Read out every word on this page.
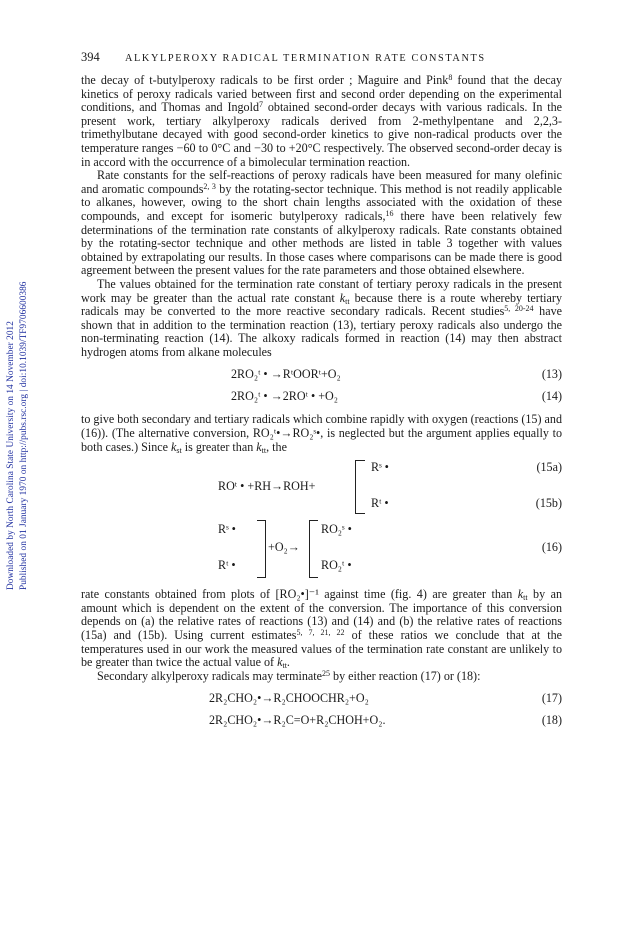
Downloaded by North Carolina State University on 14 November 2012 Published on 01 January 1970 on http://pubs.rsc.org | doi:10.1039/TF9706600386
394	ALKYLPEROXY RADICAL TERMINATION RATE CONSTANTS

the decay of t-butylperoxy radicals to be first order ; Maguire and Pink$^8$ found that the decay kinetics of peroxy radicals varied between first and second order depending on the experimental conditions, and Thomas and Ingold$^7$ obtained second-order decays with various radicals. In the present work, tertiary alkylperoxy radicals derived from 2-methylpentane and 2,2,3-trimethylbutane decayed with good second-order kinetics to give non-radical products over the temperature ranges −60 to 0°C and −30 to +20°C respectively. The observed second-order decay is in accord with the occurrence of a bimolecular termination reaction.

Rate constants for the self-reactions of peroxy radicals have been measured for many olefinic and aromatic compounds$^{2, 3}$ by the rotating-sector technique. This method is not readily applicable to alkanes, however, owing to the short chain lengths associated with the oxidation of these compounds, and except for isomeric butylperoxy radicals,$^{16}$ there have been relatively few determinations of the termination rate constants of alkylperoxy radicals. Rate constants obtained by the rotating-sector technique and other methods are listed in table 3 together with values obtained by extrapolating our results. In those cases where comparisons can be made there is good agreement between the present values for the rate parameters and those obtained elsewhere.

The values obtained for the termination rate constant of tertiary peroxy radicals in the present work may be greater than the actual rate constant $k_{tt}$ because there is a route whereby tertiary radicals may be converted to the more reactive secondary radicals. Recent studies$^{5, 20-24}$ have shown that in addition to the termination reaction (13), tertiary peroxy radicals also undergo the non-terminating reaction (14). The alkoxy radicals formed in reaction (14) may then abstract hydrogen atoms from alkane molecules

2RO₂ᵗ • →RᵗOORᵗ+O₂	(13)
2RO₂ᵗ • →2ROᵗ • +O₂	(14)

to give both secondary and tertiary radicals which combine rapidly with oxygen (reactions (15) and (16)). (The alternative conversion, RO₂ᵗ•→RO₂ˢ•, is neglected but the argument applies equally to both cases.) Since $k_{st}$ is greater than $k_{tt}$, the

ROᵗ • +RH→ROH+
Rˢ •
Rᵗ •
(15a)
(15b)
Rˢ •
Rᵗ •
+O₂→
RO₂ˢ •
RO₂ᵗ •
(16)

rate constants obtained from plots of [RO₂•]⁻¹ against time (fig. 4) are greater than $k_{tt}$ by an amount which is dependent on the extent of the conversion. The importance of this conversion depends on (a) the relative rates of reactions (13) and (14) and (b) the relative rates of reactions (15a) and (15b). Using current estimates$^{5, 7, 21, 22}$ of these ratios we conclude that at the temperatures used in our work the measured values of the termination rate constant are unlikely to be greater than twice the actual value of $k_{tt}$.

Secondary alkylperoxy radicals may terminate$^{25}$ by either reaction (17) or (18):

2R₂CHO₂•→R₂CHOOCHR₂+O₂	(17)
2R₂CHO₂•→R₂C=O+R₂CHOH+O₂.	(18)
